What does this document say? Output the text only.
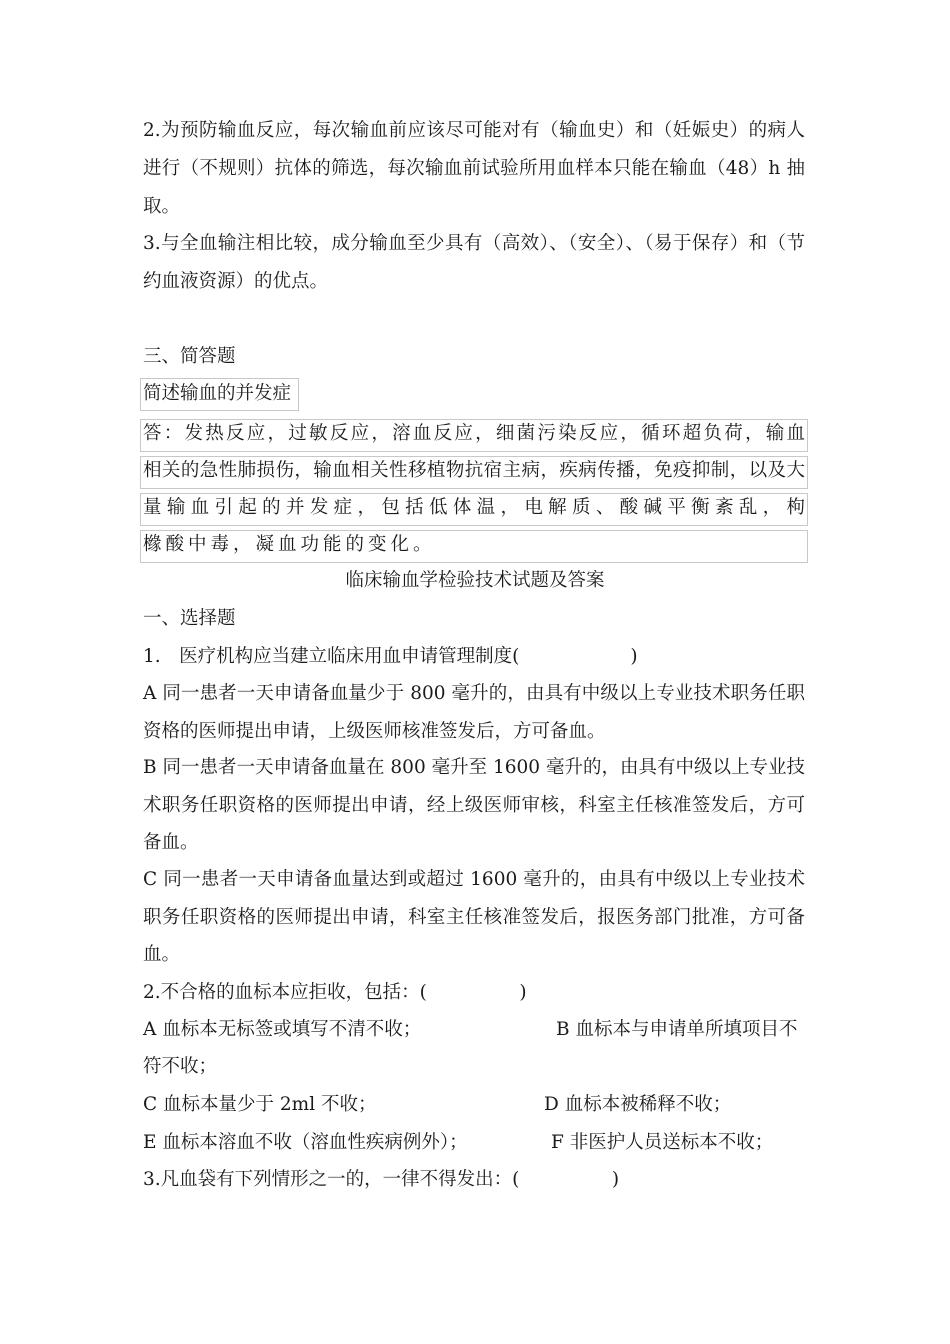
2.为预防输血反应，每次输血前应该尽可能对有（输血史）和（妊娠史）的病人
进行（不规则）抗体的筛选，每次输血前试验所用血样本只能在输血（48）h 抽
取。
3.与全血输注相比较，成分输血至少具有（高效）、（安全）、（易于保存）和（节
约血液资源）的优点。
三、简答题
简述输血的并发症
答：发热反应，过敏反应，溶血反应，细菌污染反应，循环超负荷，输血
相关的急性肺损伤，输血相关性移植物抗宿主病，疾病传播，免疫抑制，以及大
量输血引起的并发症，包括低体温，电解质、酸碱平衡紊乱，枸
橼酸中毒，凝血功能的变化。
临床输血学检验技术试题及答案
一、选择题
1.　医疗机构应当建立临床用血申请管理制度(　　　　　　)
A 同一患者一天申请备血量少于 800 毫升的，由具有中级以上专业技术职务任职
资格的医师提出申请，上级医师核准签发后，方可备血。
B 同一患者一天申请备血量在 800 毫升至 1600 毫升的，由具有中级以上专业技
术职务任职资格的医师提出申请，经上级医师审核，科室主任核准签发后，方可
备血。
C 同一患者一天申请备血量达到或超过 1600 毫升的，由具有中级以上专业技术
职务任职资格的医师提出申请，科室主任核准签发后，报医务部门批准，方可备
血。
2.不合格的血标本应拒收，包括：(　　　　　)
A 血标本无标签或填写不清不收；	B 血标本与申请单所填项目不
符不收；
C 血标本量少于 2ml 不收；	D 血标本被稀释不收；
E 血标本溶血不收（溶血性疾病例外）；	F 非医护人员送标本不收；
3.凡血袋有下列情形之一的，一律不得发出：(　　　　　)
